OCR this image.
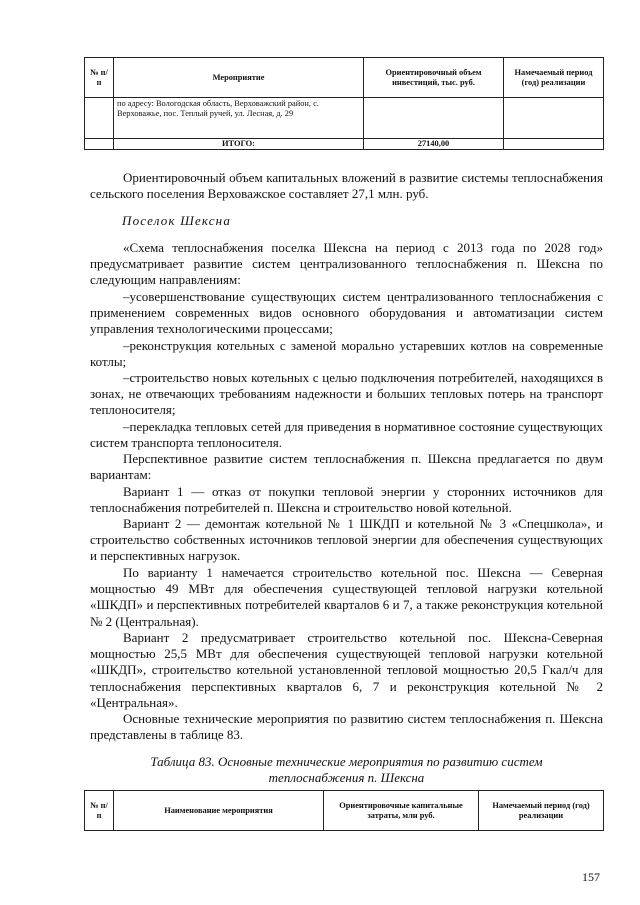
№ п/п	Мероприятие	Ориентировочный объем инвестиций, тыс. руб.	Намечаемый период (год) реализации
	по адресу: Вологодская область, Верховажский район, с. Верховажье, пос. Теплый ручей, ул. Лесная, д. 29		
	ИТОГО:	27140,00	

Ориентировочный объем капитальных вложений в развитие системы теплоснабжения сельского поселения Верховажское составляет 27,1 млн. руб.

Поселок Шексна

«Схема теплоснабжения поселка Шексна на период с 2013 года по 2028 год» предусматривает развитие систем централизованного теплоснабжения п. Шексна по следующим направлениям:

–усовершенствование существующих систем централизованного теплоснабжения с применением современных видов основного оборудования и автоматизации систем управления технологическими процессами;

–реконструкция котельных с заменой морально устаревших котлов на современные котлы;

–строительство новых котельных с целью подключения потребителей, находящихся в зонах, не отвечающих требованиям надежности и больших тепловых потерь на транспорт теплоносителя;

–перекладка тепловых сетей для приведения в нормативное состояние существующих систем транспорта теплоносителя.

Перспективное развитие систем теплоснабжения п. Шексна предлагается по двум вариантам:

Вариант 1 — отказ от покупки тепловой энергии у сторонних источников для теплоснабжения потребителей п. Шексна и строительство новой котельной.

Вариант 2 — демонтаж котельной № 1 ШКДП и котельной № 3 «Спецшкола», и строительство собственных источников тепловой энергии для обеспечения существующих и перспективных нагрузок.

По варианту 1 намечается строительство котельной пос. Шексна — Северная мощностью 49 МВт для обеспечения существующей тепловой нагрузки котельной «ШКДП» и перспективных потребителей кварталов 6 и 7, а также реконструкция котельной № 2 (Центральная).

Вариант 2 предусматривает строительство котельной пос. Шексна-Северная мощностью 25,5 МВт для обеспечения существующей тепловой нагрузки котельной «ШКДП», строительство котельной установленной тепловой мощностью 20,5 Гкал/ч для теплоснабжения перспективных кварталов 6, 7 и реконструкция котельной № 2 «Центральная».

Основные технические мероприятия по развитию систем теплоснабжения п. Шексна представлены в таблице 83.

Таблица 83. Основные технические мероприятия по развитию систем
теплоснабжения п. Шексна
№ п/п	Наименование мероприятия	Ориентировочные капитальные затраты, млн руб.	Намечаемый период (год) реализации

157
